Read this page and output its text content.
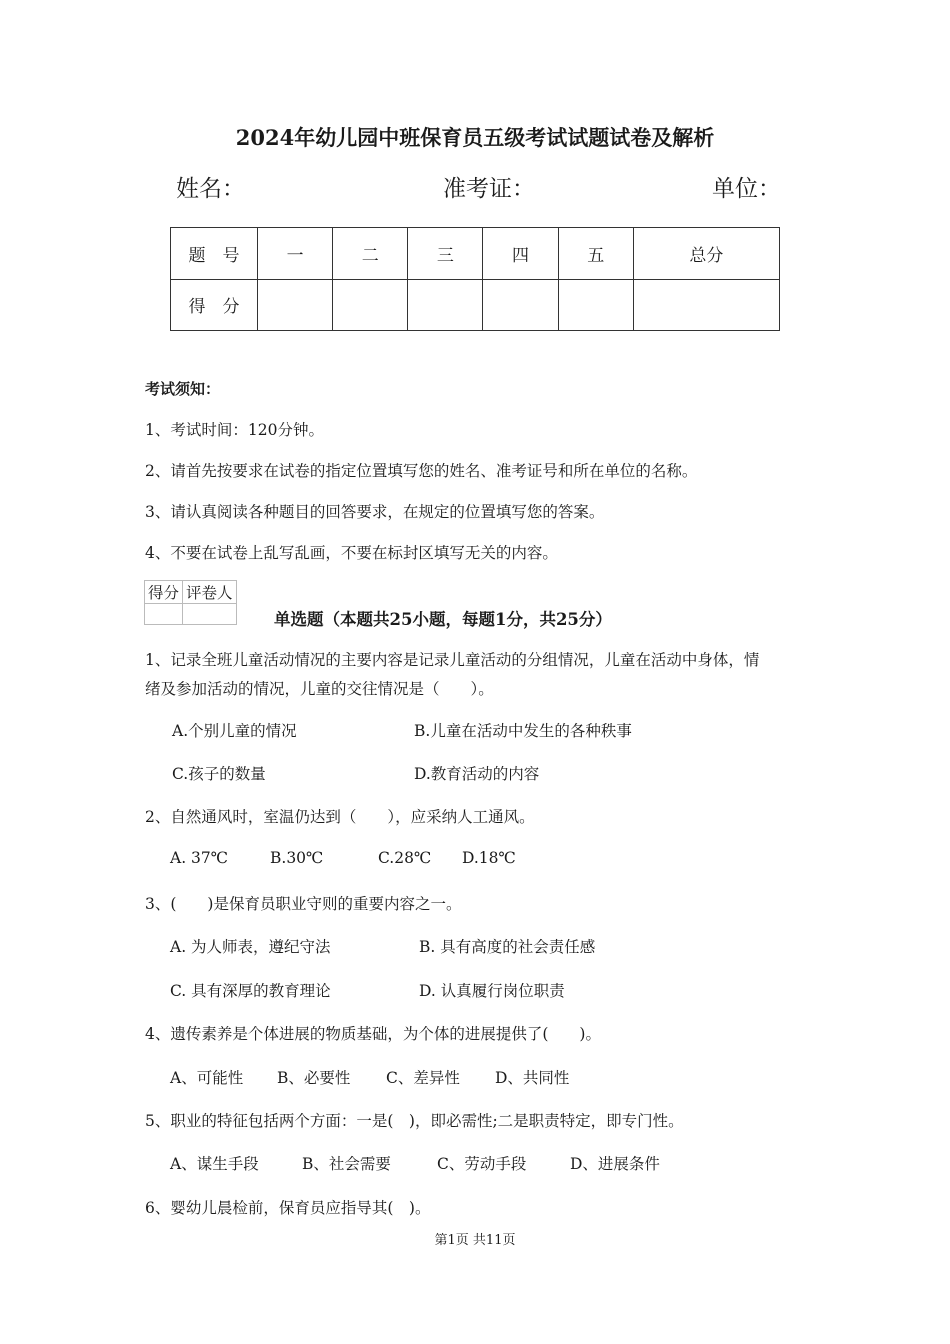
2024年幼儿园中班保育员五级考试试题试卷及解析
姓名：	准考证：	单位：
题　号	一	二	三	四	五	总分
得　分						
考试须知：
1、考试时间：120分钟。
2、请首先按要求在试卷的指定位置填写您的姓名、准考证号和所在单位的名称。
3、请认真阅读各种题目的回答要求，在规定的位置填写您的答案。
4、不要在试卷上乱写乱画，不要在标封区填写无关的内容。
得分	评卷人

单选题（本题共25小题，每题1分，共25分）
1、记录全班儿童活动情况的主要内容是记录儿童活动的分组情况，儿童在活动中身体，情
绪及参加活动的情况，儿童的交往情况是（　　）。
A.个别儿童的情况	B.儿童在活动中发生的各种秩事
C.孩子的数量	D.教育活动的内容
2、自然通风时，室温仍达到（　　），应采纳人工通风。
A. 37℃	B.30℃	C.28℃ D.18℃
3、(　　)是保育员职业守则的重要内容之一。
A. 为人师表，遵纪守法	B. 具有高度的社会责任感
C. 具有深厚的教育理论	D. 认真履行岗位职责
4、遗传素养是个体进展的物质基础，为个体的进展提供了(　　)。
A、可能性 B、必要性 C、差异性 D、共同性
5、职业的特征包括两个方面：一是(　)，即必需性;二是职责特定，即专门性。
A、谋生手段	B、社会需要	C、劳动手段	D、进展条件
6、婴幼儿晨检前，保育员应指导其(　)。
第1页 共11页
